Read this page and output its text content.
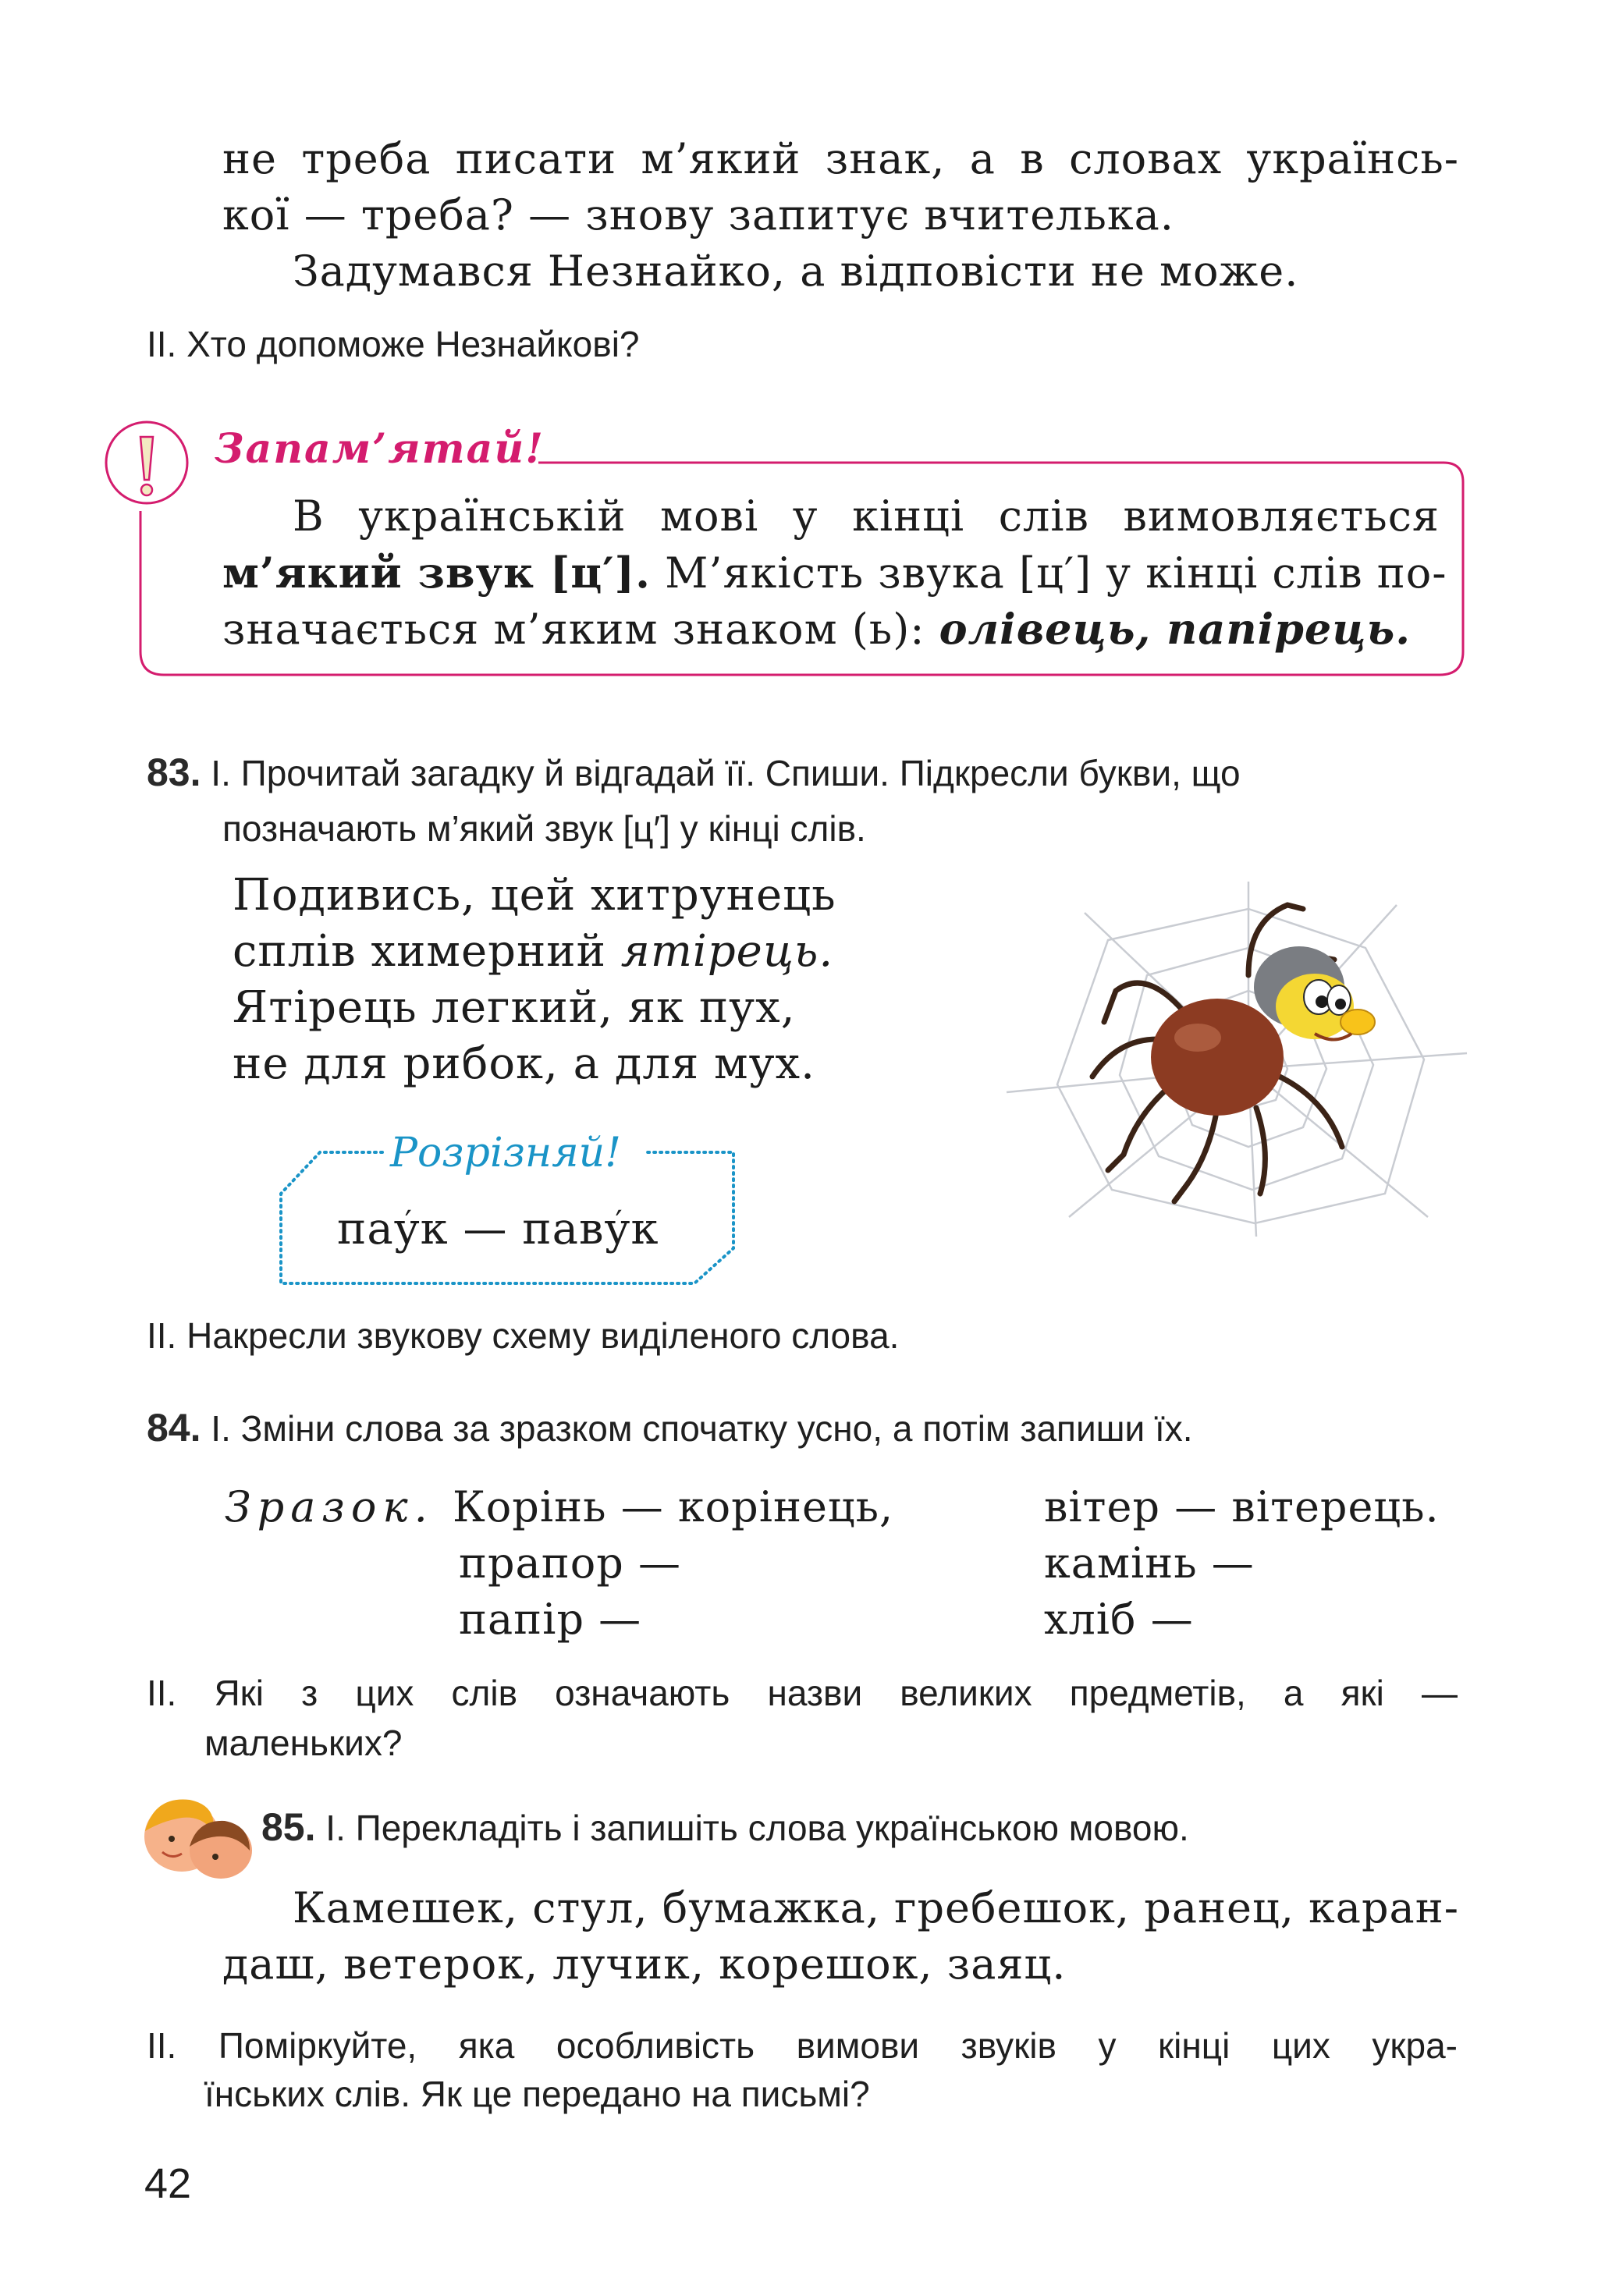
не треба писати м’який знак, а в словах українсь-
кої — треба? — знову запитує вчителька.
Задумався Незнайко, а відповісти не може.
II. Хто допоможе Незнайкові?
Запам’ятай!
В українській мові у кінці слів вимовляється
м’який звук [ц′]. М’якість звука [ц′] у кінці слів по-
значається м’яким знаком (ь): олівець, папірець.
83. І. Прочитай загадку й відгадай її. Спиши. Підкресли букви, що
позначають м’який звук [ц′] у кінці слів.
Подивись, цей хитрунець
сплів химерний ятірець.
Ятірець легкий, як пух,
не для рибок, а для мух.
Розрізняй!
пау ′к — паву ′к
ІІ. Накресли звукову схему виділеного слова.
84. І. Зміни слова за зразком спочатку усно, а потім запиши їх.
Зразок. Корінь — корінець,
прапор —
папір —
вітер — вітерець.
камінь —
хліб —
ІІ. Які з цих слів означають назви великих предметів, а які —
маленьких?
85. І. Перекладіть і запишіть слова українською мовою.
Камешек, стул, бумажка, гребешок, ранец, каран-
даш, ветерок, лучик, корешок, заяц.
ІІ. Поміркуйте, яка особливість вимови звуків у кінці цих укра-
їнських слів. Як це передано на письмі?
42
